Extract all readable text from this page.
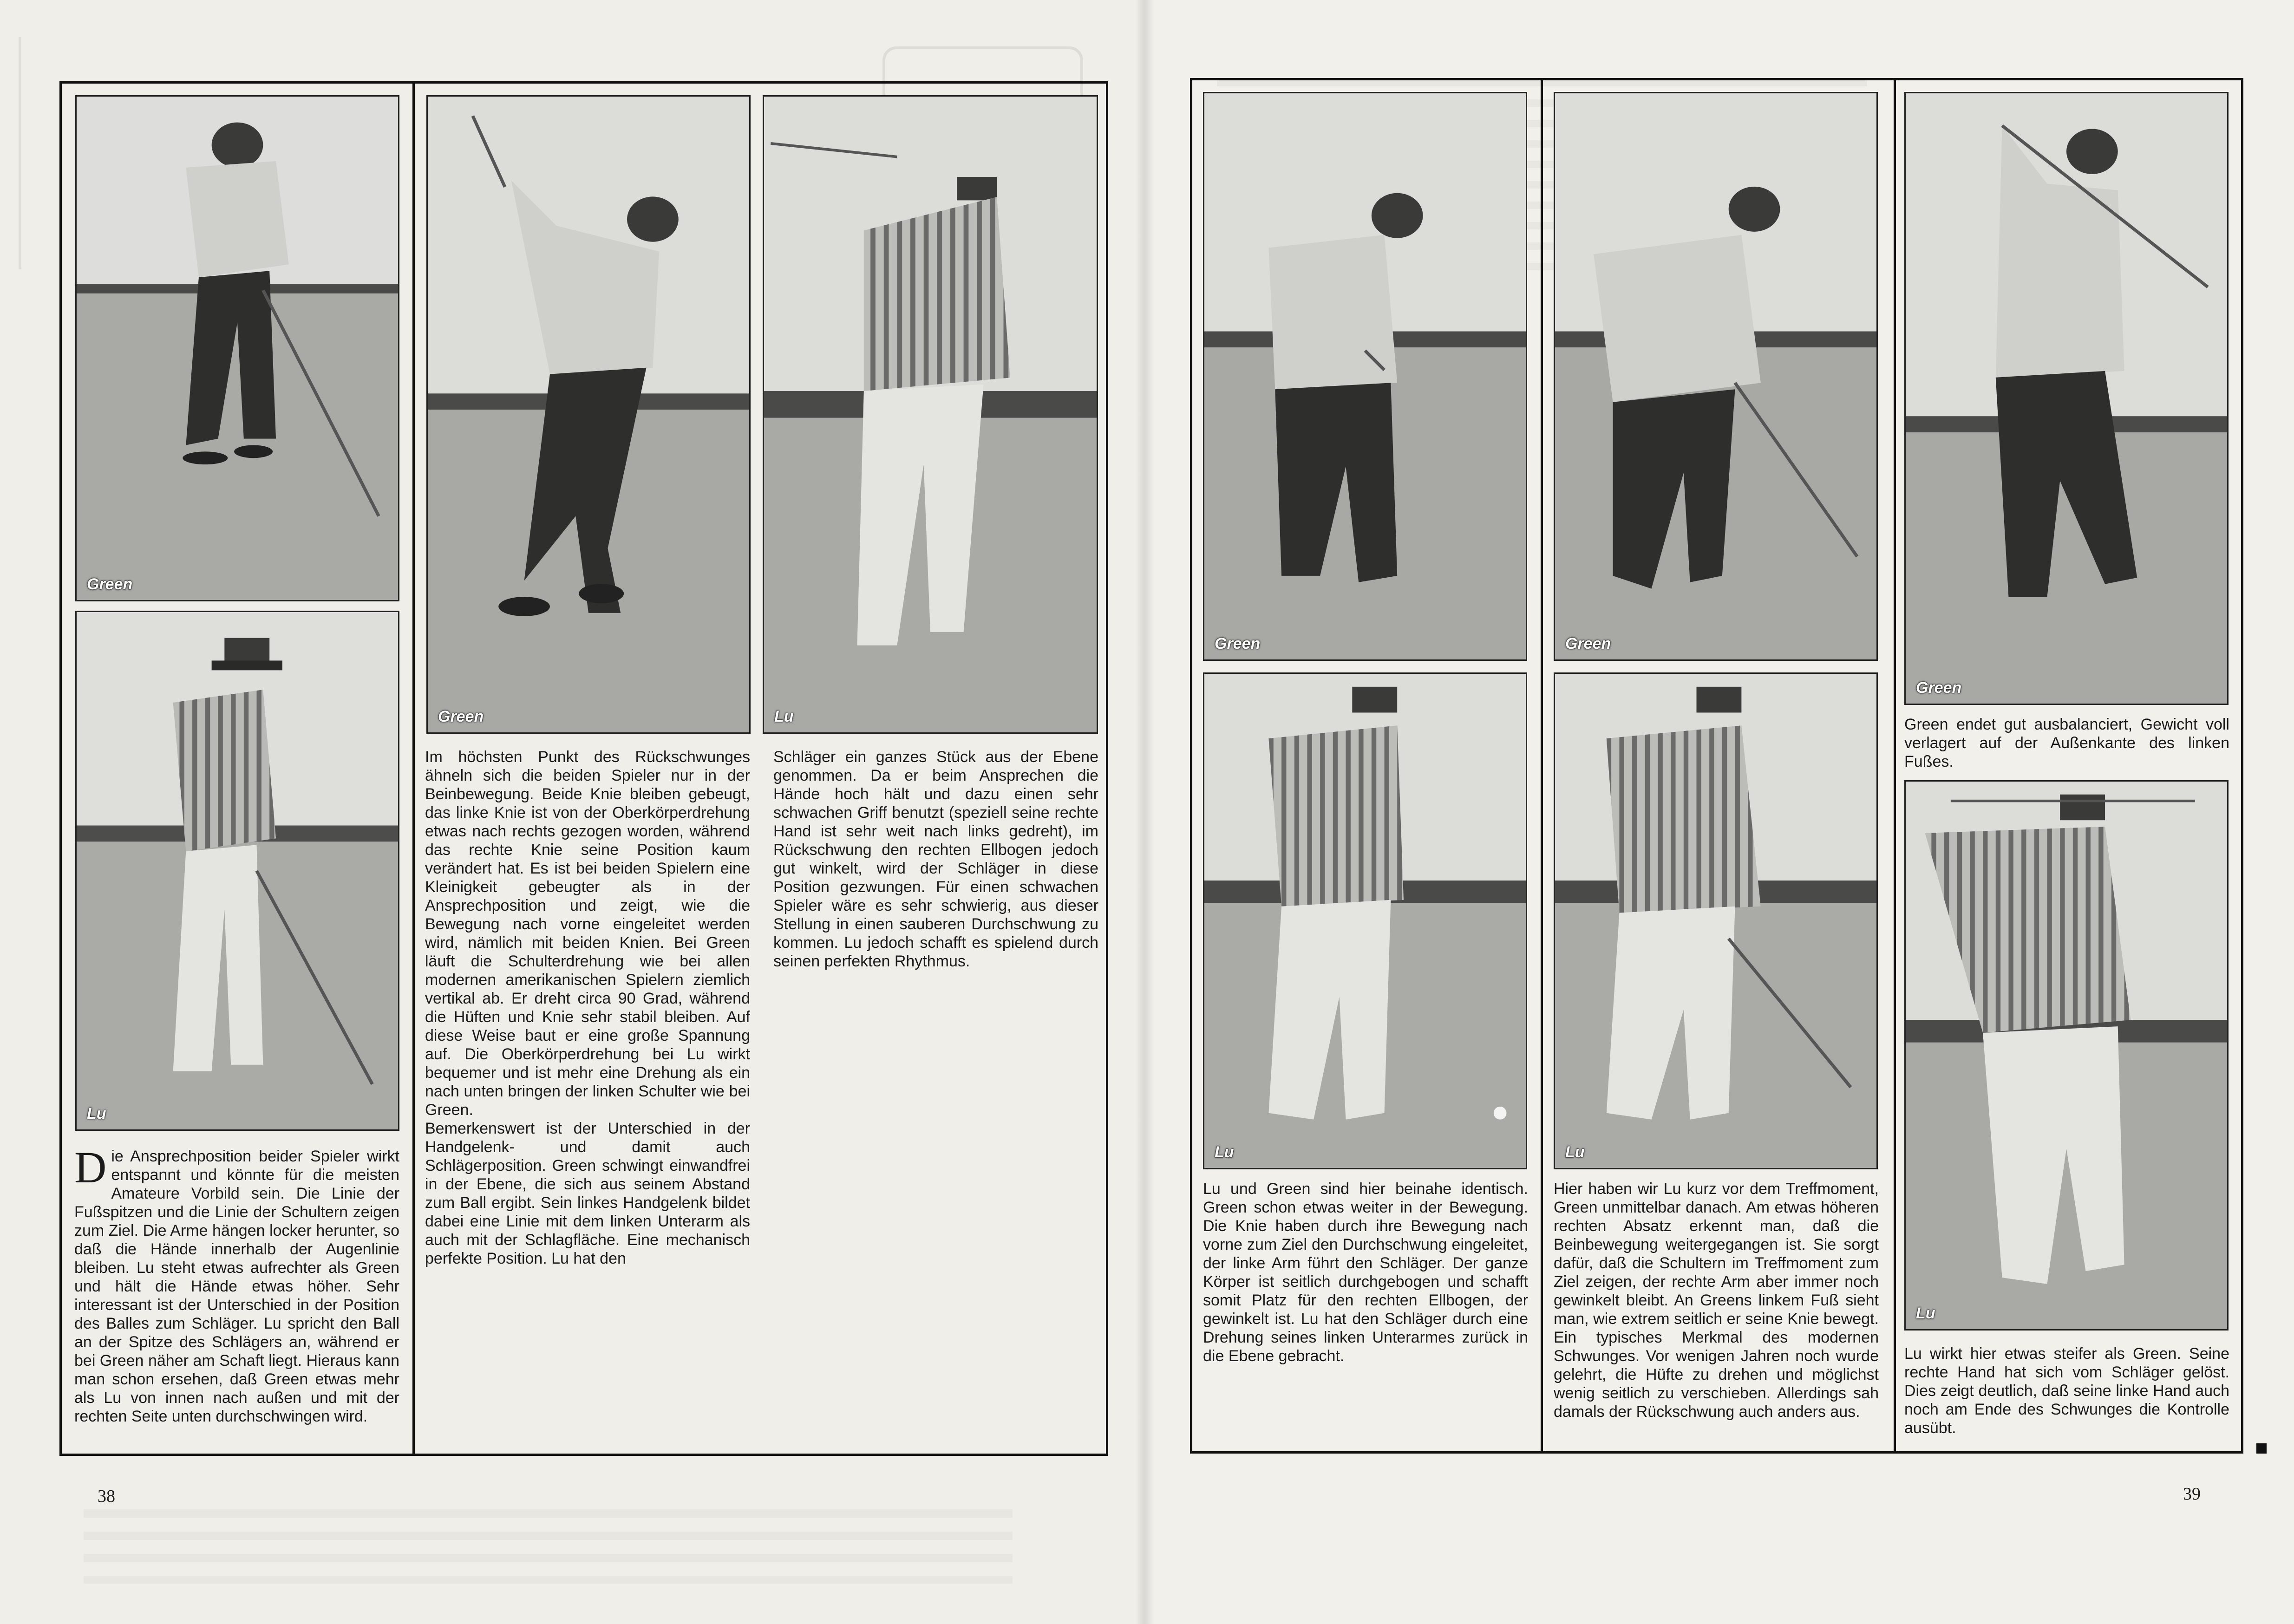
Green
Lu
Green	Lu
Die Ansprechposition beider Spieler wirkt entspannt und könnte für die meisten Amateure Vorbild sein. Die Linie der Fußspitzen und die Linie der Schultern zeigen zum Ziel. Die Arme hängen locker herunter, so daß die Hände innerhalb der Augenlinie bleiben. Lu steht etwas aufrechter als Green und hält die Hände etwas höher. Sehr interessant ist der Unterschied in der Position des Balles zum Schläger. Lu spricht den Ball an der Spitze des Schlägers an, während er bei Green näher am Schaft liegt. Hieraus kann man schon ersehen, daß Green etwas mehr als Lu von innen nach außen und mit der rechten Seite unten durchschwingen wird.
Im höchsten Punkt des Rückschwunges ähneln sich die beiden Spieler nur in der Beinbewegung. Beide Knie bleiben gebeugt, das linke Knie ist von der Oberkörperdrehung etwas nach rechts gezogen worden, während das rechte Knie seine Position kaum verändert hat. Es ist bei beiden Spielern eine Kleinigkeit gebeugter als in der Ansprechposition und zeigt, wie die Bewegung nach vorne eingeleitet werden wird, nämlich mit beiden Knien. Bei Green läuft die Schulterdrehung wie bei allen modernen amerikanischen Spielern ziemlich vertikal ab. Er dreht circa 90 Grad, während die Hüften und Knie sehr stabil bleiben. Auf diese Weise baut er eine große Spannung auf. Die Oberkörperdrehung bei Lu wirkt bequemer und ist mehr eine Drehung als ein nach unten bringen der linken Schulter wie bei Green.
Bemerkenswert ist der Unterschied in der Handgelenk- und damit auch Schlägerposition. Green schwingt einwandfrei in der Ebene, die sich aus seinem Abstand zum Ball ergibt. Sein linkes Handgelenk bildet dabei eine Linie mit dem linken Unterarm als auch mit der Schlagfläche. Eine mechanisch perfekte Position. Lu hat den
Schläger ein ganzes Stück aus der Ebene genommen. Da er beim Ansprechen die Hände hoch hält und dazu einen sehr schwachen Griff benutzt (speziell seine rechte Hand ist sehr weit nach links gedreht), im Rückschwung den rechten Ellbogen jedoch gut winkelt, wird der Schläger in diese Position gezwungen. Für einen schwachen Spieler wäre es sehr schwierig, aus dieser Stellung in einen sauberen Durchschwung zu kommen. Lu jedoch schafft es spielend durch seinen perfekten Rhythmus.
38
Green	Green
Lu	Lu
Green
Lu
Lu und Green sind hier beinahe identisch. Green schon etwas weiter in der Bewegung. Die Knie haben durch ihre Bewegung nach vorne zum Ziel den Durchschwung eingeleitet, der linke Arm führt den Schläger. Der ganze Körper ist seitlich durchgebogen und schafft somit Platz für den rechten Ellbogen, der gewinkelt ist. Lu hat den Schläger durch eine Drehung seines linken Unterarmes zurück in die Ebene gebracht.
Hier haben wir Lu kurz vor dem Treffmoment, Green unmittelbar danach. Am etwas höheren rechten Absatz erkennt man, daß die Beinbewegung weitergegangen ist. Sie sorgt dafür, daß die Schultern im Treffmoment zum Ziel zeigen, der rechte Arm aber immer noch gewinkelt bleibt. An Greens linkem Fuß sieht man, wie extrem seitlich er seine Knie bewegt. Ein typisches Merkmal des modernen Schwunges. Vor wenigen Jahren noch wurde gelehrt, die Hüfte zu drehen und möglichst wenig seitlich zu verschieben. Allerdings sah damals der Rückschwung auch anders aus.
Green endet gut ausbalanciert, Gewicht voll verlagert auf der Außenkante des linken Fußes.
Lu wirkt hier etwas steifer als Green. Seine rechte Hand hat sich vom Schläger gelöst. Dies zeigt deutlich, daß seine linke Hand auch noch am Ende des Schwunges die Kontrolle ausübt.
39
